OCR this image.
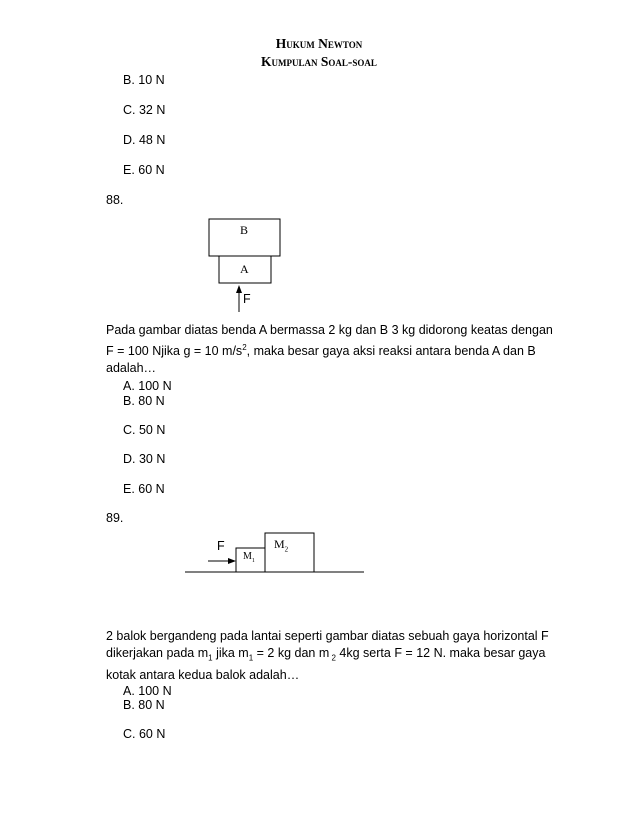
Hukum Newton
Kumpulan Soal-soal
B. 10 N
C. 32 N
D. 48 N
E. 60 N
88.
B
A
F
Pada gambar diatas benda A bermassa 2 kg dan B 3 kg didorong keatas dengan
F = 100 Njika g = 10 $m/s^2$, maka besar gaya aksi reaksi antara benda A dan B
adalah…
A. 100 N
B. 80 N
C. 50 N
D. 30 N
E. 60 N
89.
F
$M_1$
$M_2$
2 balok bergandeng pada lantai seperti gambar diatas sebuah gaya horizontal F
dikerjakan pada $m_1$ jika $m_1 = 2$ kg dan m $_2$ 4kg serta F = 12 N. maka besar gaya
kotak antara kedua balok adalah…
A. 100 N
B. 80 N
C. 60 N
